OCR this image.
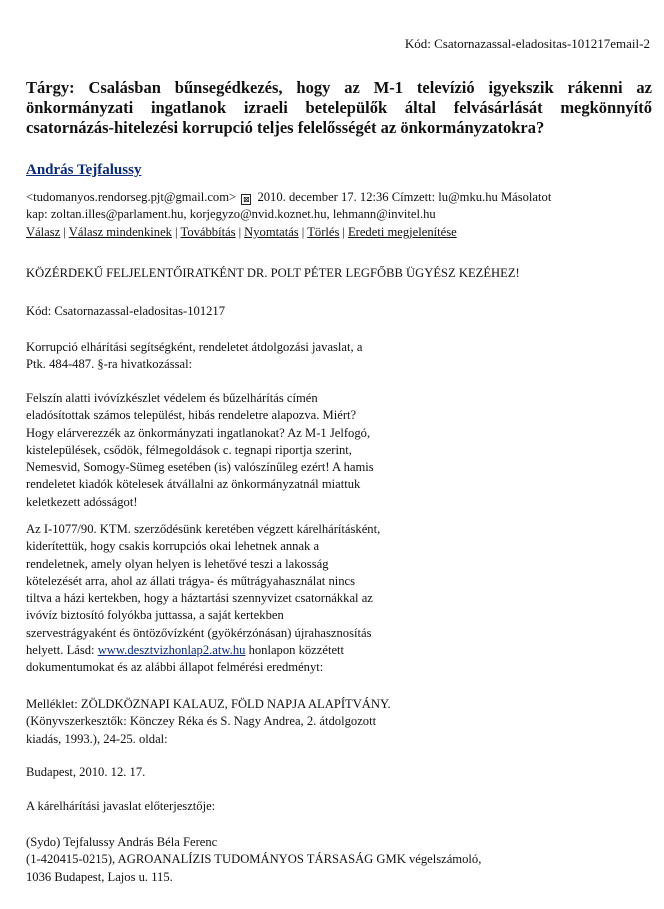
Kód: Csatornazassal-eladositas-101217email-2
Tárgy: Csalásban bűnsegédkezés, hogy az M-1 televízió igyekszik rákenni az önkormányzati ingatlanok izraeli betelepülők által felvásárlását megkönnyítő csatornázás-hitelezési korrupció teljes felelősségét az önkormányzatokra?
András Tejfalussy
<tudomanyos.rendorseg.pjt@gmail.com> ⊠ 2010. december 17. 12:36 Címzett: lu@mku.hu Másolatot
kap: zoltan.illes@parlament.hu, korjegyzo@nvid.koznet.hu, lehmann@invitel.hu
Válasz | Válasz mindenkinek | Továbbítás | Nyomtatás | Törlés | Eredeti megjelenítése
KÖZÉRDEKŰ FELJELENTŐIRATKÉNT DR. POLT PÉTER LEGFŐBB ÜGYÉSZ KEZÉHEZ!
Kód: Csatornazassal-eladositas-101217

Korrupció elhárítási segítségként, rendeletet átdolgozási javaslat, a

Ptk. 484-487. §-ra hivatkozással:

Felszín alatti ivóvízkészlet védelem és bűzelhárítás címén

eladósítottak számos települést, hibás rendeletre alapozva. Miért?

Hogy elárverezzék az önkormányzati ingatlanokat? Az M-1 Jelfogó,

kistelepülések, csődök, félmegoldások c. tegnapi riportja szerint,

Nemesvid, Somogy-Sümeg esetében (is) valószínűleg ezért! A hamis

rendeletet kiadók kötelesek átvállalni az önkormányzatnál miattuk

keletkezett adósságot!

Az I-1077/90. KTM. szerződésünk keretében végzett kárelhárításként,

kiderítettük, hogy csakis korrupciós okai lehetnek annak a

rendeletnek, amely olyan helyen is lehetővé teszi a lakosság

kötelezését arra, ahol az állati trágya- és műtrágyahasználat nincs

tiltva a házi kertekben, hogy a háztartási szennyvizet csatornákkal az

ivóvíz biztosító folyókba juttassa, a saját kertekben

szervestrágyaként és öntözővízként (gyökérzónásan) újrahasznosítás

helyett. Lásd: www.desztvizhonlap2.atw.hu honlapon közzétett

dokumentumokat és az alábbi állapot felmérési eredményt:

Melléklet: ZÖLDKÖZNAPI KALAUZ, FÖLD NAPJA ALAPÍTVÁNY.

(Könyvszerkesztők: Könczey Réka és S. Nagy Andrea, 2. átdolgozott

kiadás, 1993.), 24-25. oldal:

Budapest, 2010. 12. 17.
A kárelhárítási javaslat előterjesztője:

(Sydo) Tejfalussy András Béla Ferenc

(1-420415-0215), AGROANALÍZIS TUDOMÁNYOS TÁRSASÁG GMK végelszámoló,

1036 Budapest, Lajos u. 115.
